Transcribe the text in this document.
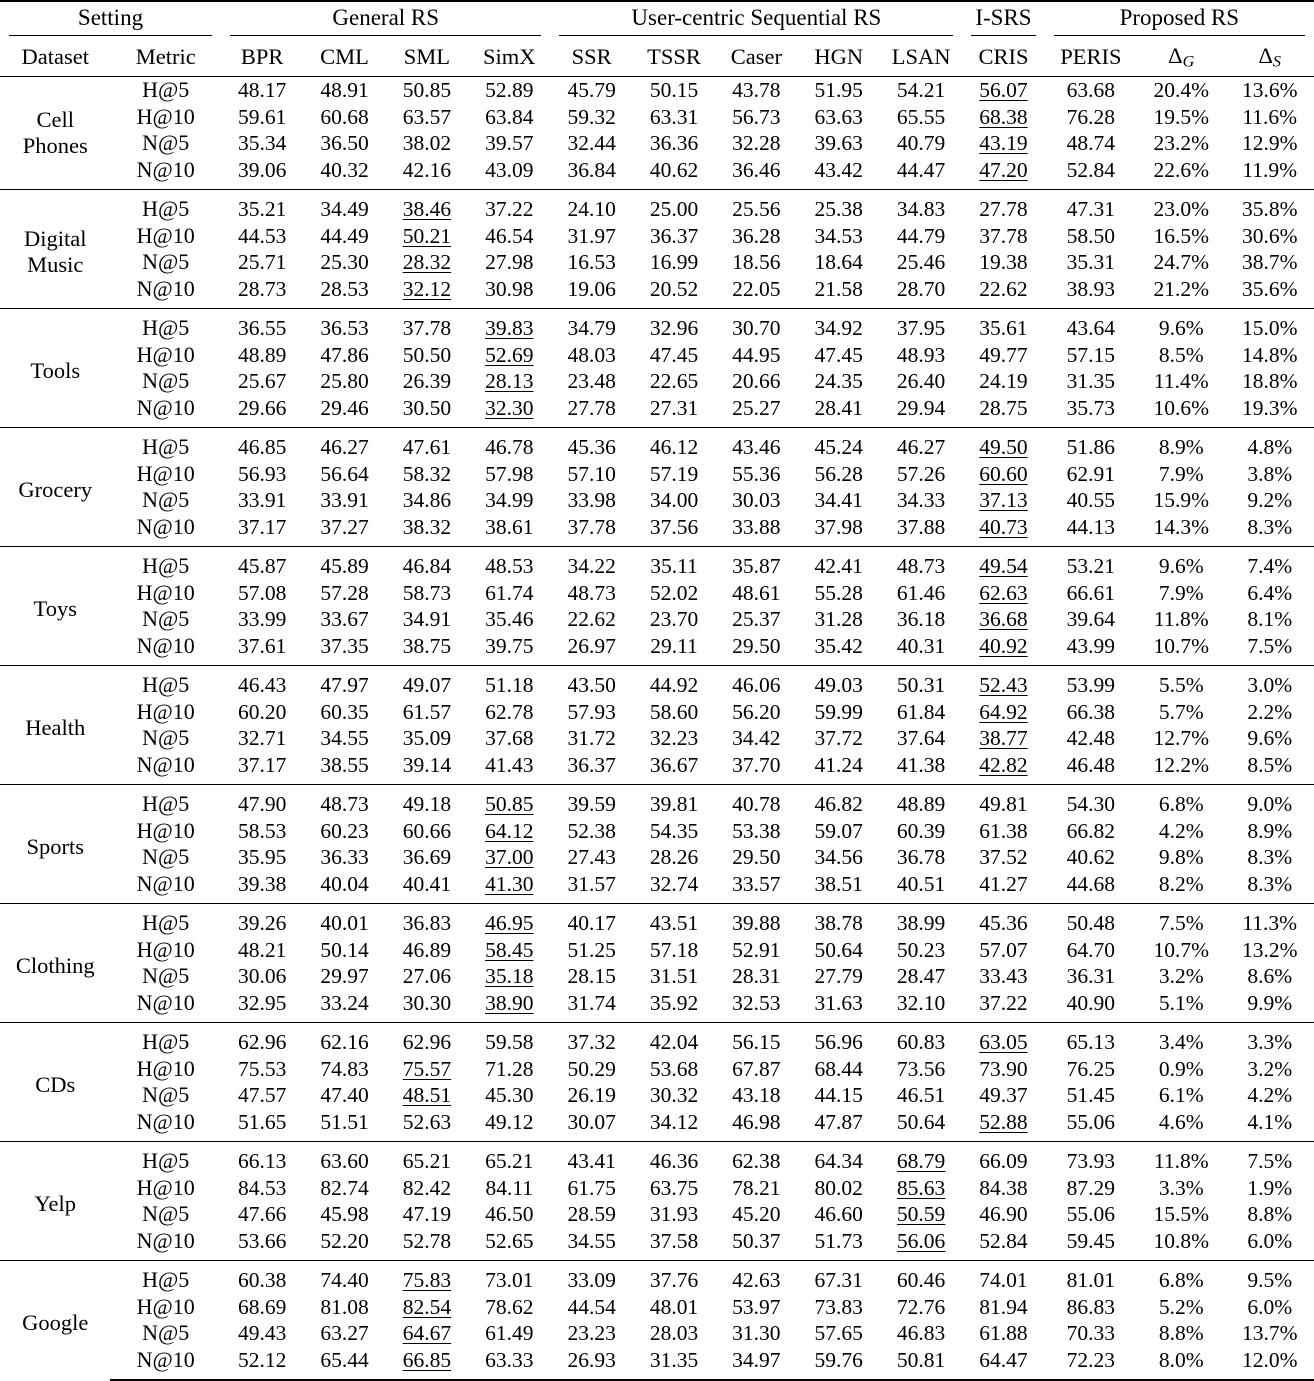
Setting		General RS				User-centric Sequential RS					I-SRS	Proposed RS		

Dataset	Metric	BPR	CML	SML	SimX	SSR	TSSR	Caser	HGN	LSAN	CRIS	PERIS	$\Delta_G$	$\Delta_S$

Cell
Phones	H@5	48.17	48.91	50.85	52.89	45.79	50.15	43.78	51.95	54.21	56.07	63.68	20.4%	13.6%
	H@10	59.61	60.68	63.57	63.84	59.32	63.31	56.73	63.63	65.55	68.38	76.28	19.5%	11.6%
	N@5	35.34	36.50	38.02	39.57	32.44	36.36	32.28	39.63	40.79	43.19	48.74	23.2%	12.9%
	N@10	39.06	40.32	42.16	43.09	36.84	40.62	36.46	43.42	44.47	47.20	52.84	22.6%	11.9%

Digital
Music	H@5	35.21	34.49	38.46	37.22	24.10	25.00	25.56	25.38	34.83	27.78	47.31	23.0%	35.8%
	H@10	44.53	44.49	50.21	46.54	31.97	36.37	36.28	34.53	44.79	37.78	58.50	16.5%	30.6%
	N@5	25.71	25.30	28.32	27.98	16.53	16.99	18.56	18.64	25.46	19.38	35.31	24.7%	38.7%
	N@10	28.73	28.53	32.12	30.98	19.06	20.52	22.05	21.58	28.70	22.62	38.93	21.2%	35.6%

Tools	H@5	36.55	36.53	37.78	39.83	34.79	32.96	30.70	34.92	37.95	35.61	43.64	9.6%	15.0%
	H@10	48.89	47.86	50.50	52.69	48.03	47.45	44.95	47.45	48.93	49.77	57.15	8.5%	14.8%
	N@5	25.67	25.80	26.39	28.13	23.48	22.65	20.66	24.35	26.40	24.19	31.35	11.4%	18.8%
	N@10	29.66	29.46	30.50	32.30	27.78	27.31	25.27	28.41	29.94	28.75	35.73	10.6%	19.3%

Grocery	H@5	46.85	46.27	47.61	46.78	45.36	46.12	43.46	45.24	46.27	49.50	51.86	8.9%	4.8%
	H@10	56.93	56.64	58.32	57.98	57.10	57.19	55.36	56.28	57.26	60.60	62.91	7.9%	3.8%
	N@5	33.91	33.91	34.86	34.99	33.98	34.00	30.03	34.41	34.33	37.13	40.55	15.9%	9.2%
	N@10	37.17	37.27	38.32	38.61	37.78	37.56	33.88	37.98	37.88	40.73	44.13	14.3%	8.3%

Toys	H@5	45.87	45.89	46.84	48.53	34.22	35.11	35.87	42.41	48.73	49.54	53.21	9.6%	7.4%
	H@10	57.08	57.28	58.73	61.74	48.73	52.02	48.61	55.28	61.46	62.63	66.61	7.9%	6.4%
	N@5	33.99	33.67	34.91	35.46	22.62	23.70	25.37	31.28	36.18	36.68	39.64	11.8%	8.1%
	N@10	37.61	37.35	38.75	39.75	26.97	29.11	29.50	35.42	40.31	40.92	43.99	10.7%	7.5%

Health	H@5	46.43	47.97	49.07	51.18	43.50	44.92	46.06	49.03	50.31	52.43	53.99	5.5%	3.0%
	H@10	60.20	60.35	61.57	62.78	57.93	58.60	56.20	59.99	61.84	64.92	66.38	5.7%	2.2%
	N@5	32.71	34.55	35.09	37.68	31.72	32.23	34.42	37.72	37.64	38.77	42.48	12.7%	9.6%
	N@10	37.17	38.55	39.14	41.43	36.37	36.67	37.70	41.24	41.38	42.82	46.48	12.2%	8.5%

Sports	H@5	47.90	48.73	49.18	50.85	39.59	39.81	40.78	46.82	48.89	49.81	54.30	6.8%	9.0%
	H@10	58.53	60.23	60.66	64.12	52.38	54.35	53.38	59.07	60.39	61.38	66.82	4.2%	8.9%
	N@5	35.95	36.33	36.69	37.00	27.43	28.26	29.50	34.56	36.78	37.52	40.62	9.8%	8.3%
	N@10	39.38	40.04	40.41	41.30	31.57	32.74	33.57	38.51	40.51	41.27	44.68	8.2%	8.3%

Clothing	H@5	39.26	40.01	36.83	46.95	40.17	43.51	39.88	38.78	38.99	45.36	50.48	7.5%	11.3%
	H@10	48.21	50.14	46.89	58.45	51.25	57.18	52.91	50.64	50.23	57.07	64.70	10.7%	13.2%
	N@5	30.06	29.97	27.06	35.18	28.15	31.51	28.31	27.79	28.47	33.43	36.31	3.2%	8.6%
	N@10	32.95	33.24	30.30	38.90	31.74	35.92	32.53	31.63	32.10	37.22	40.90	5.1%	9.9%

CDs	H@5	62.96	62.16	62.96	59.58	37.32	42.04	56.15	56.96	60.83	63.05	65.13	3.4%	3.3%
	H@10	75.53	74.83	75.57	71.28	50.29	53.68	67.87	68.44	73.56	73.90	76.25	0.9%	3.2%
	N@5	47.57	47.40	48.51	45.30	26.19	30.32	43.18	44.15	46.51	49.37	51.45	6.1%	4.2%
	N@10	51.65	51.51	52.63	49.12	30.07	34.12	46.98	47.87	50.64	52.88	55.06	4.6%	4.1%

Yelp	H@5	66.13	63.60	65.21	65.21	43.41	46.36	62.38	64.34	68.79	66.09	73.93	11.8%	7.5%
	H@10	84.53	82.74	82.42	84.11	61.75	63.75	78.21	80.02	85.63	84.38	87.29	3.3%	1.9%
	N@5	47.66	45.98	47.19	46.50	28.59	31.93	45.20	46.60	50.59	46.90	55.06	15.5%	8.8%
	N@10	53.66	52.20	52.78	52.65	34.55	37.58	50.37	51.73	56.06	52.84	59.45	10.8%	6.0%

Google	H@5	60.38	74.40	75.83	73.01	33.09	37.76	42.63	67.31	60.46	74.01	81.01	6.8%	9.5%
	H@10	68.69	81.08	82.54	78.62	44.54	48.01	53.97	73.83	72.76	81.94	86.83	5.2%	6.0%
	N@5	49.43	63.27	64.67	61.49	23.23	28.03	31.30	57.65	46.83	61.88	70.33	8.8%	13.7%
	N@10	52.12	65.44	66.85	63.33	26.93	31.35	34.97	59.76	50.81	64.47	72.23	8.0%	12.0%
